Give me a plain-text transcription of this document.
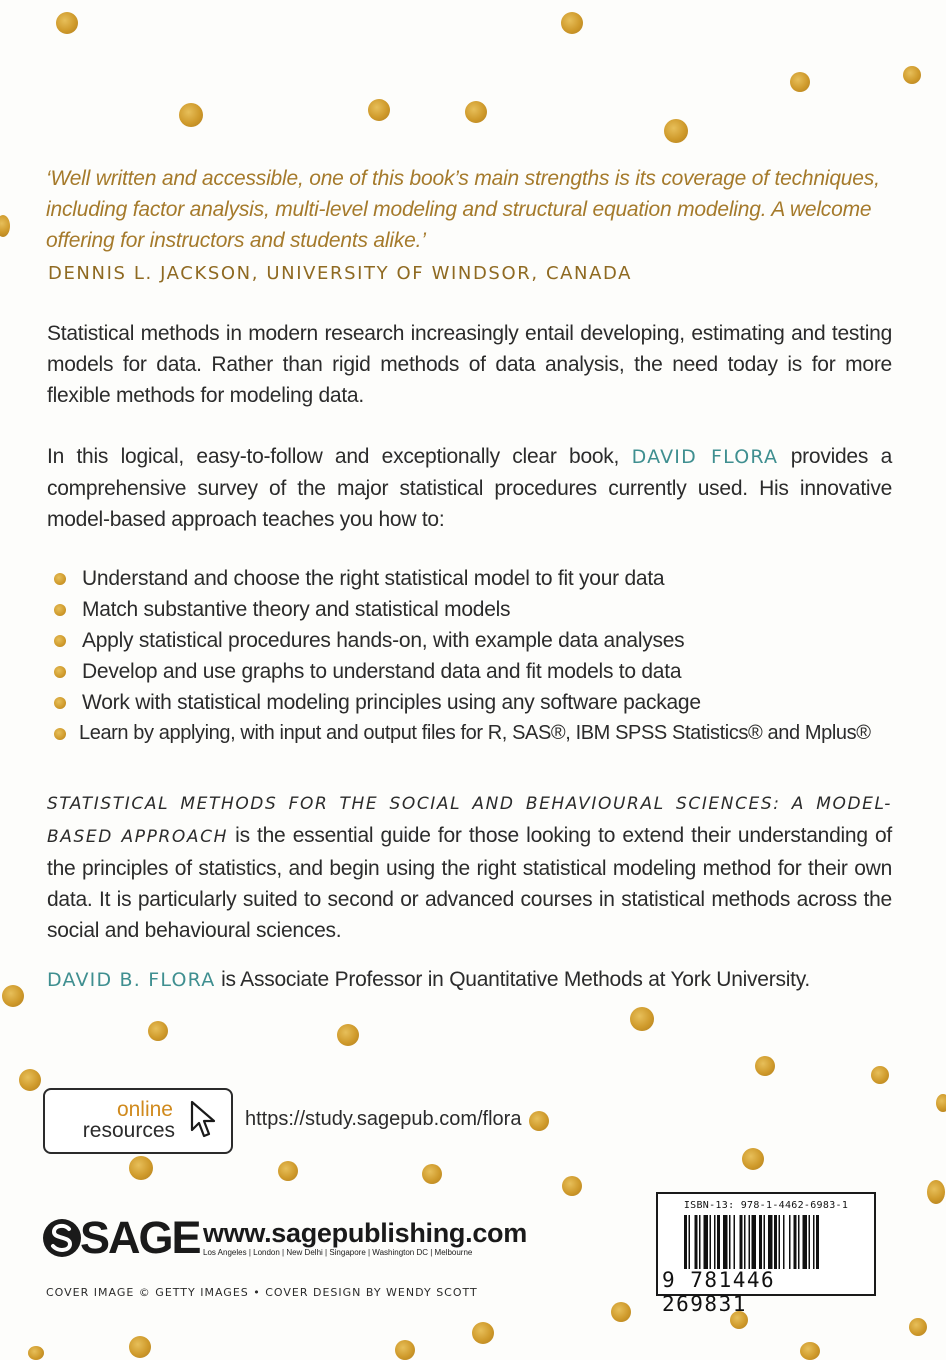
‘Well written and accessible, one of this book’s main strengths is its coverage of techniques, including factor analysis, multi-level modeling and structural equation modeling. A welcome offering for instructors and students alike.’
DENNIS L. JACKSON, UNIVERSITY OF WINDSOR, CANADA
Statistical methods in modern research increasingly entail developing, estimating and testing models for data. Rather than rigid methods of data analysis, the need today is for more flexible methods for modeling data.
In this logical, easy-to-follow and exceptionally clear book, DAVID FLORA provides a comprehensive survey of the major statistical procedures currently used. His innovative model-based approach teaches you how to:
Understand and choose the right statistical model to fit your data
Match substantive theory and statistical models
Apply statistical procedures hands-on, with example data analyses
Develop and use graphs to understand data and fit models to data
Work with statistical modeling principles using any software package
Learn by applying, with input and output files for R, SAS®, IBM SPSS Statistics® and Mplus®
STATISTICAL METHODS FOR THE SOCIAL AND BEHAVIOURAL SCIENCES: A MODEL-BASED APPROACH is the essential guide for those looking to extend their understanding of the principles of statistics, and begin using the right statistical modeling method for their own data. It is particularly suited to second or advanced courses in statistical methods across the social and behavioural sciences.
DAVID B. FLORA is Associate Professor in Quantitative Methods at York University.
online
resources	https://study.sagepub.com/flora
SAGE www.sagepublishing.com
Los Angeles | London | New Delhi | Singapore | Washington DC | Melbourne
COVER IMAGE © GETTY IMAGES • COVER DESIGN BY WENDY SCOTT
ISBN-13: 978-1-4462-6983-1
9 781446 269831
